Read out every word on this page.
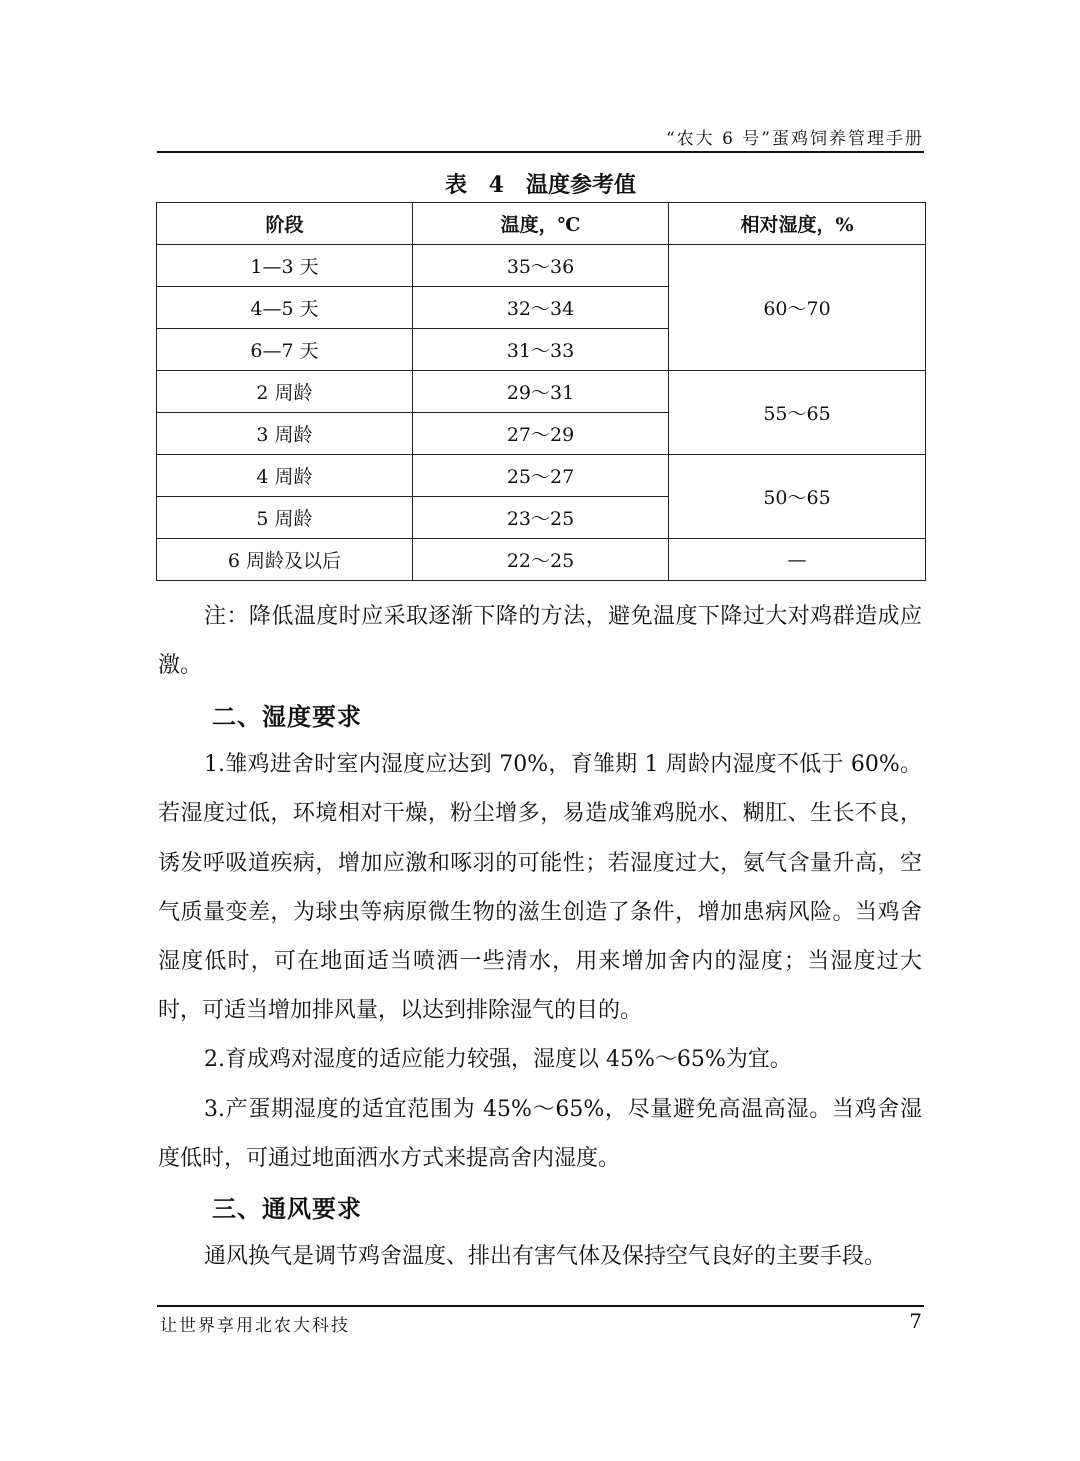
“农大 6 号”蛋鸡饲养管理手册
表 4　温度参考值
阶段	温度，℃	相对湿度，%
1—3 天	35～36	60～70
4—5 天	32～34	
6—7 天	31～33	
2 周龄	29～31	55～65
3 周龄	27～29	
4 周龄	25～27	50～65
5 周龄	23～25	
6 周龄及以后	22～25	—
注：降低温度时应采取逐渐下降的方法，避免温度下降过大对鸡群造成应激。
二、湿度要求
1.雏鸡进舍时室内湿度应达到 70%，育雏期 1 周龄内湿度不低于 60%。若湿度过低，环境相对干燥，粉尘增多，易造成雏鸡脱水、糊肛、生长不良，诱发呼吸道疾病，增加应激和啄羽的可能性；若湿度过大，氨气含量升高，空气质量变差，为球虫等病原微生物的滋生创造了条件，增加患病风险。当鸡舍湿度低时，可在地面适当喷洒一些清水，用来增加舍内的湿度；当湿度过大时，可适当增加排风量，以达到排除湿气的目的。
2.育成鸡对湿度的适应能力较强，湿度以 45%～65%为宜。
3.产蛋期湿度的适宜范围为 45%～65%，尽量避免高温高湿。当鸡舍湿度低时，可通过地面洒水方式来提高舍内湿度。
三、通风要求
通风换气是调节鸡舍温度、排出有害气体及保持空气良好的主要手段。
让世界享用北农大科技	7
